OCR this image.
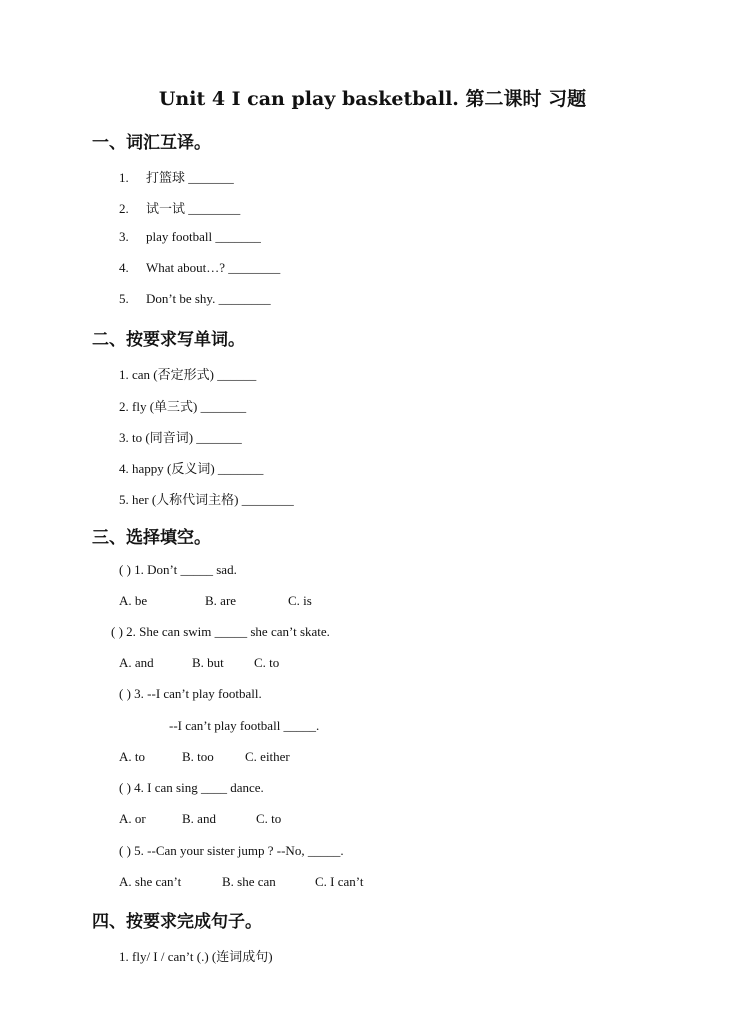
Unit 4 I can play basketball. 第二课时 习题
一、词汇互译。
1. 打篮球 _______
2. 试一试 ________
3. play football _______
4. What about…? ________
5. Don’t be shy. ________
二、按要求写单词。
1. can (否定形式) ______
2. fly (单三式) _______
3. to (同音词) _______
4. happy (反义词) _______
5. her (人称代词主格) ________
三、选择填空。
( ) 1. Don’t _____ sad.
A. be	B. are	C. is
( ) 2. She can swim _____ she can’t skate.
A. and	B. but C. to
( ) 3. --I can’t play football.
--I can’t play football _____.
A. to	B. too C. either
( ) 4. I can sing ____ dance.
A. or	B. and	C. to
( ) 5. --Can your sister jump ? --No, _____.
A. she can’t	B. she can	C. I can’t
四、按要求完成句子。
1. fly/ I / can’t (.) (连词成句)
